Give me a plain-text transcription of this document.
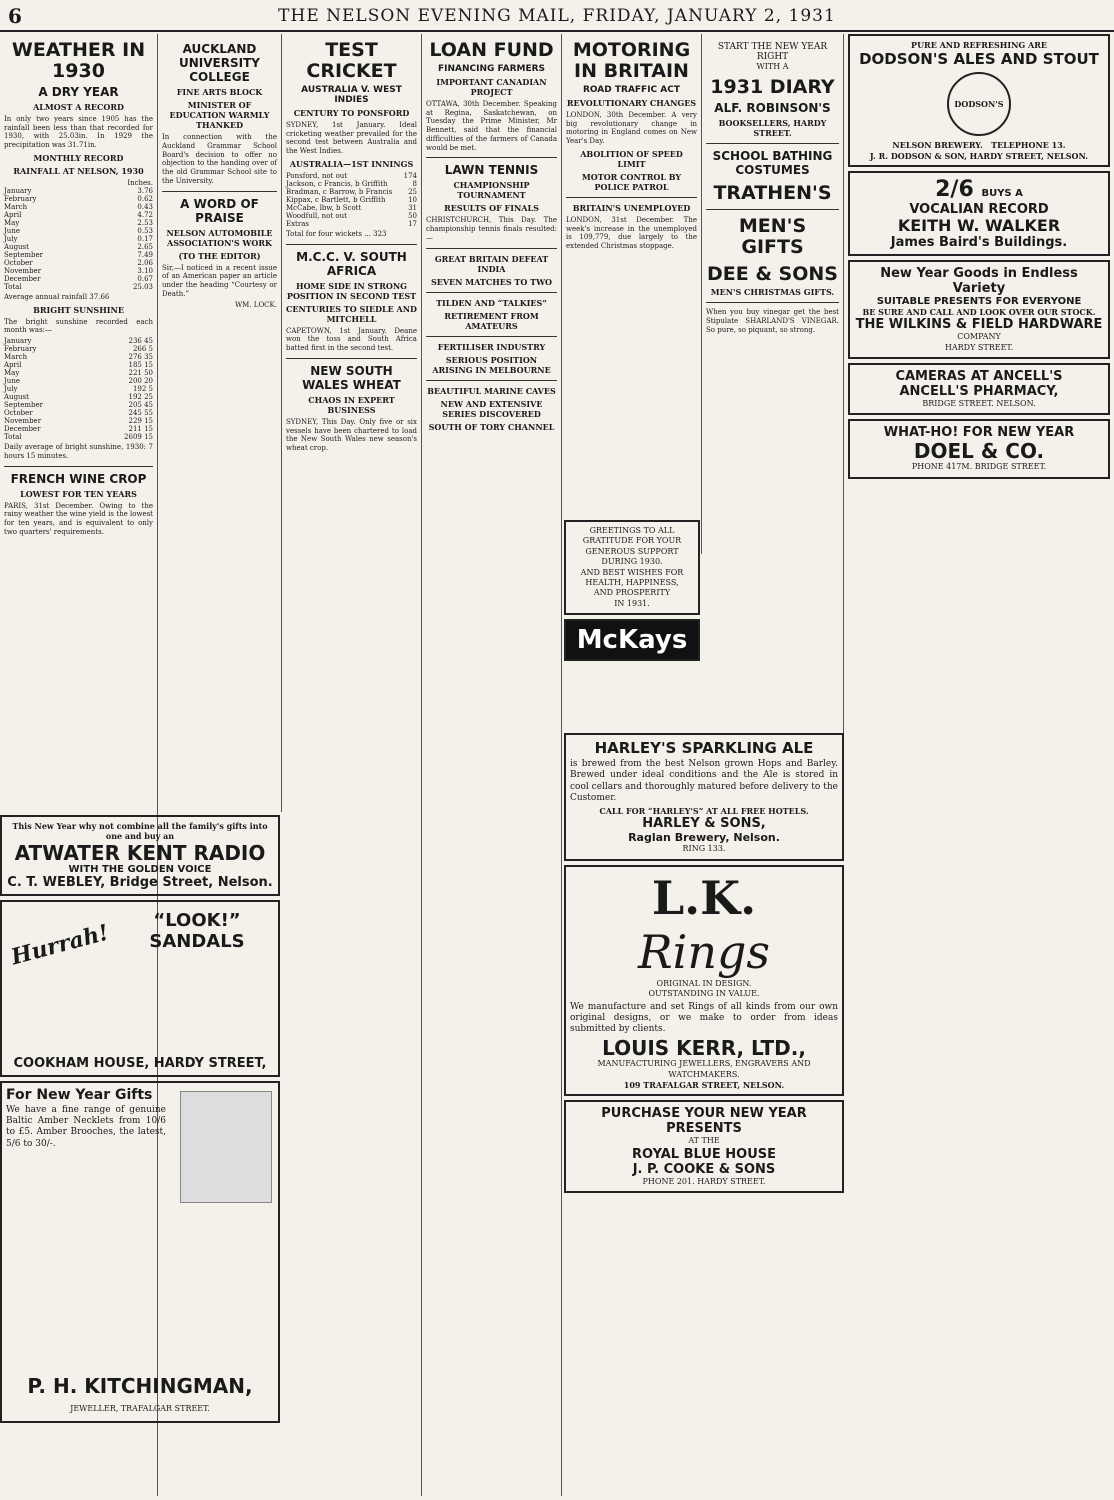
6	THE NELSON EVENING MAIL, FRIDAY, JANUARY 2, 1931
WEATHER IN 1930
A DRY YEAR
ALMOST A RECORD
In only two years since 1905 has the rainfall been less than that recorded for 1930, with 25.03in. In 1929 the precipitation was 31.71in.
MONTHLY RECORD
RAINFALL AT NELSON, 1930
	Inches.
January	3.76
February	0.62
March	0.43
April	4.72
May	2.53
June	0.53
July	0.17
August	2.65
September	7.49
October	2.06
November	3.10
December	0.67
Total	25.03
Average annual rainfall 37.66
BRIGHT SUNSHINE
The bright sunshine recorded each month was:—
January	236 45
February	266 5
March	276 35
April	185 15
May	221 50
June	200 20
July	192 5
August	192 25
September	205 45
October	245 55
November	229 15
December	211 15
Total	2609 15
Daily average of bright sunshine, 1930: 7 hours 15 minutes.
FRENCH WINE CROP
LOWEST FOR TEN YEARS
PARIS, 31st December. Owing to the rainy weather the wine yield is the lowest for ten years, and is equivalent to only two quarters' requirements.
This New Year why not combine all the family's gifts into one and buy an
ATWATER KENT RADIO
WITH THE GOLDEN VOICE
C. T. WEBLEY, Bridge Street, Nelson.
Hurrah!	“LOOK!”
SANDALS
COOKHAM HOUSE, HARDY STREET,
For New Year Gifts
We have a fine range of genuine Baltic Amber Necklets from 10/6 to £5. Amber Brooches, the latest, 5/6 to 30/-.
P. H. KITCHINGMAN,
JEWELLER, TRAFALGAR STREET.
AUCKLAND UNIVERSITY COLLEGE
FINE ARTS BLOCK
MINISTER OF EDUCATION WARMLY THANKED
In connection with the Auckland Grammar School Board's decision to offer no objection to the handing over of the old Grammar School site to the University.
A WORD OF PRAISE
NELSON AUTOMOBILE ASSOCIATION'S WORK
(TO THE EDITOR)
Sir,—I noticed in a recent issue of an American paper an article under the heading “Courtesy or Death.”
WM. LOCK.
TEST CRICKET
AUSTRALIA V. WEST INDIES
CENTURY TO PONSFORD
SYDNEY, 1st January. Ideal cricketing weather prevailed for the second test between Australia and the West Indies.
AUSTRALIA—1ST INNINGS
Ponsford, not out	174
Jackson, c Francis, b Griffith	8
Bradman, c Barrow, b Francis	25
Kippax, c Bartlett, b Griffith	10
McCabe, lbw, b Scott	31
Woodfull, not out	50
Extras	17
Total for four wickets ... 323
M.C.C. V. SOUTH AFRICA
HOME SIDE IN STRONG POSITION IN SECOND TEST
CENTURIES TO SIEDLE AND MITCHELL
CAPETOWN, 1st January. Deane won the toss and South Africa batted first in the second test.
NEW SOUTH WALES WHEAT
CHAOS IN EXPERT BUSINESS
SYDNEY, This Day. Only five or six vessels have been chartered to load the New South Wales new season's wheat crop.
LOAN FUND
FINANCING FARMERS
IMPORTANT CANADIAN PROJECT
OTTAWA, 30th December. Speaking at Regina, Saskatchewan, on Tuesday the Prime Minister, Mr Bennett, said that the financial difficulties of the farmers of Canada would be met.
LAWN TENNIS
CHAMPIONSHIP TOURNAMENT
RESULTS OF FINALS
CHRISTCHURCH, This Day. The championship tennis finals resulted:—
GREAT BRITAIN DEFEAT INDIA
SEVEN MATCHES TO TWO
TILDEN AND “TALKIES”
RETIREMENT FROM AMATEURS
FERTILISER INDUSTRY
SERIOUS POSITION ARISING IN MELBOURNE
BEAUTIFUL MARINE CAVES
NEW AND EXTENSIVE SERIES DISCOVERED
SOUTH OF TORY CHANNEL
MOTORING IN BRITAIN
ROAD TRAFFIC ACT
REVOLUTIONARY CHANGES
LONDON, 30th December. A very big revolutionary change in motoring in England comes on New Year's Day.
ABOLITION OF SPEED LIMIT
MOTOR CONTROL BY POLICE PATROL
BRITAIN'S UNEMPLOYED
LONDON, 31st December. The week's increase in the unemployed is 109,779, due largely to the extended Christmas stoppage.
GREETINGS TO ALL
GRATITUDE FOR YOUR
GENEROUS SUPPORT
DURING 1930.
AND BEST WISHES FOR
HEALTH, HAPPINESS,
AND PROSPERITY
IN 1931.
McKays
HARLEY'S SPARKLING ALE
is brewed from the best Nelson grown Hops and Barley. Brewed under ideal conditions and the Ale is stored in cool cellars and thoroughly matured before delivery to the Customer.
CALL FOR “HARLEY'S” AT ALL FREE HOTELS.
HARLEY & SONS,
Raglan Brewery, Nelson.
RING 133.
L.K.
Rings
ORIGINAL IN DESIGN.
OUTSTANDING IN VALUE.
We manufacture and set Rings of all kinds from our own original designs, or we make to order from ideas submitted by clients.
LOUIS KERR, LTD.,
MANUFACTURING JEWELLERS, ENGRAVERS AND WATCHMAKERS.
109 TRAFALGAR STREET, NELSON.
PURCHASE YOUR NEW YEAR
PRESENTS
AT THE
ROYAL BLUE HOUSE
J. P. COOKE & SONS
PHONE 201. HARDY STREET.
START THE NEW YEAR RIGHT
WITH A
1931 DIARY
ALF. ROBINSON'S
BOOKSELLERS, HARDY STREET.
SCHOOL BATHING COSTUMES
TRATHEN'S
MEN'S GIFTS
DEE & SONS
MEN'S CHRISTMAS GIFTS.
When you buy vinegar get the best Stipulate SHARLAND'S VINEGAR. So pure, so piquant, so strong.
PURE AND REFRESHING ARE
DODSON'S ALES AND STOUT
DODSON'S
NELSON BREWERY. TELEPHONE 13.
J. R. DODSON & SON, HARDY STREET, NELSON.
2/6 BUYS A
VOCALIAN RECORD
KEITH W. WALKER
James Baird's Buildings.
New Year Goods in Endless Variety
SUITABLE PRESENTS FOR EVERYONE
BE SURE AND CALL AND LOOK OVER OUR STOCK.
THE WILKINS & FIELD HARDWARE
COMPANY
HARDY STREET.
CAMERAS AT ANCELL'S
ANCELL'S PHARMACY,
BRIDGE STREET. NELSON.
WHAT-HO! FOR NEW YEAR
DOEL & CO.
PHONE 417M. BRIDGE STREET.
